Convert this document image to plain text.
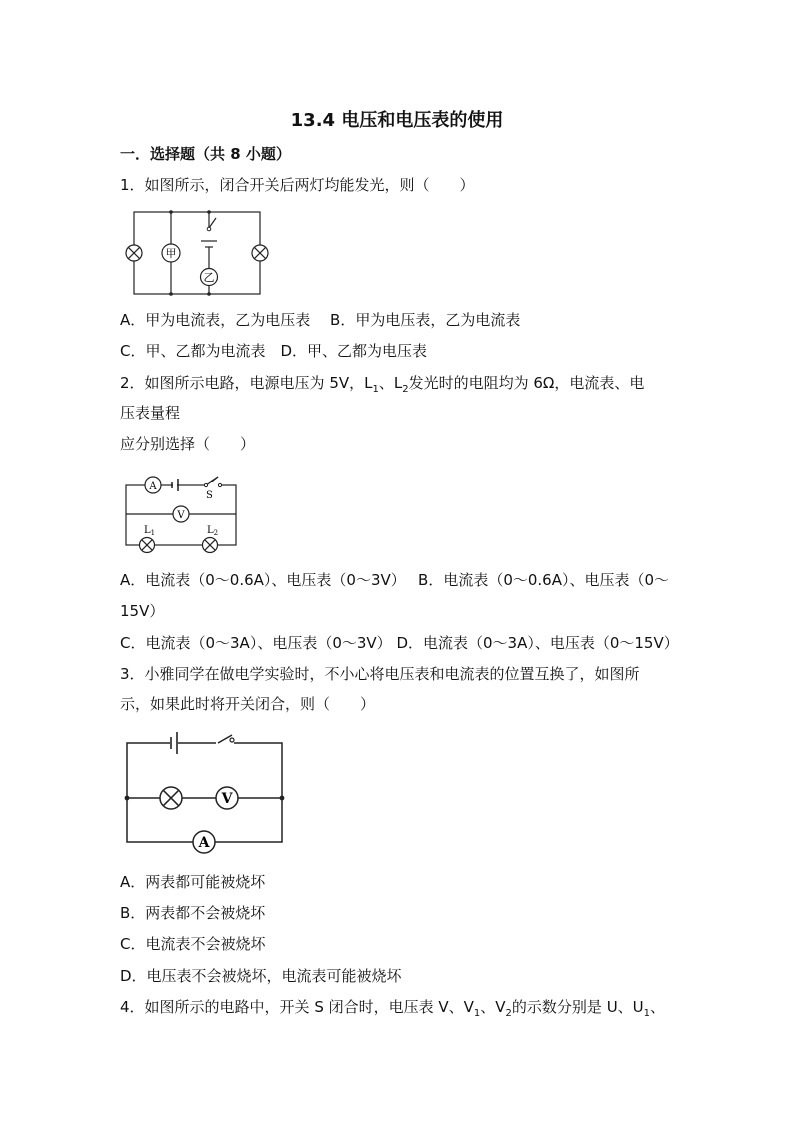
13.4 电压和电压表的使用
一．选择题（共 8 小题）
1．如图所示，闭合开关后两灯均能发光，则（　　）
甲
乙
A．甲为电流表，乙为电压表　 B．甲为电压表，乙为电流表
C．甲、乙都为电流表　D．甲、乙都为电压表
2．如图所示电路，电源电压为 5V，$L_1$、$L_2$发光时的电阻均为 6Ω，电流表、电
压表量程
应分别选择（　　）
S
A
V
$L_1$	$L_2$
A．电流表（0～0.6A）、电压表（0～3V）　 B．电流表（0～0.6A）、电压表（0～
15V）
C．电流表（0～3A）、电压表（0～3V） D．电流表（0～3A）、电压表（0～15V）
3．小雅同学在做电学实验时，不小心将电压表和电流表的位置互换了，如图所
示，如果此时将开关闭合，则（　　）
V
A
A．两表都可能被烧坏
B．两表都不会被烧坏
C．电流表不会被烧坏
D．电压表不会被烧坏，电流表可能被烧坏
4．如图所示的电路中，开关 S 闭合时，电压表 V、$V_1$、$V_2$的示数分别是 U、$U_1$、
